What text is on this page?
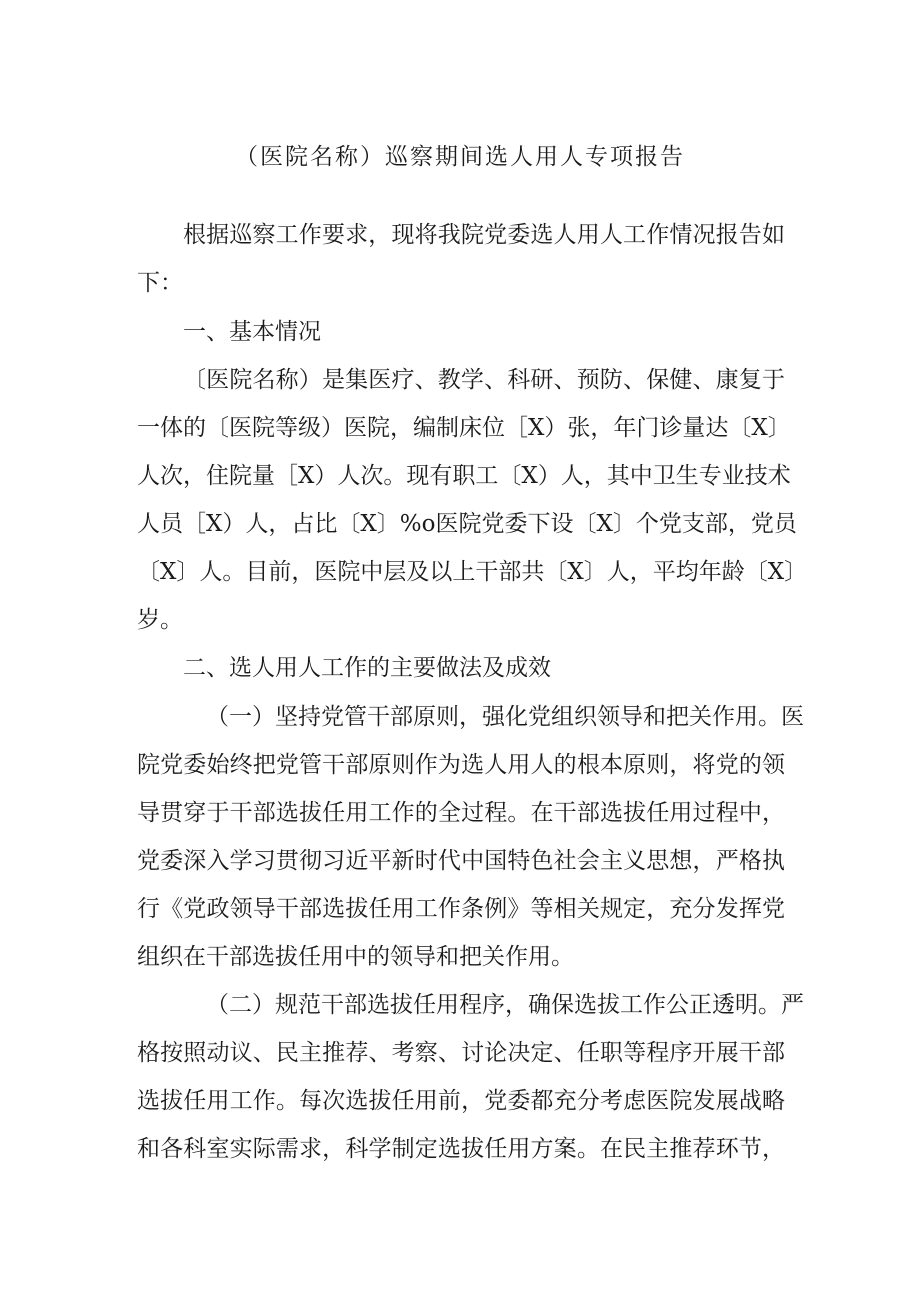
（医院名称）巡察期间选人用人专项报告
根据巡察工作要求，现将我院党委选人用人工作情况报告如
下：
一、基本情况
〔医院名称）是集医疗、教学、科研、预防、保健、康复于
一体的〔医院等级）医院，编制床位［X）张，年门诊量达〔X〕
人次，住院量［X）人次。现有职工〔X）人，其中卫生专业技术
人员［X）人，占比〔X〕%o医院党委下设〔X〕个党支部，党员
〔X〕人。目前，医院中层及以上干部共〔X〕人，平均年龄〔X〕
岁。
二、选人用人工作的主要做法及成效
（一）坚持党管干部原则，强化党组织领导和把关作用。医
院党委始终把党管干部原则作为选人用人的根本原则，将党的领
导贯穿于干部选拔任用工作的全过程。在干部选拔任用过程中，
党委深入学习贯彻习近平新时代中国特色社会主义思想，严格执
行《党政领导干部选拔任用工作条例》等相关规定，充分发挥党
组织在干部选拔任用中的领导和把关作用。
（二）规范干部选拔任用程序，确保选拔工作公正透明。严
格按照动议、民主推荐、考察、讨论决定、任职等程序开展干部
选拔任用工作。每次选拔任用前，党委都充分考虑医院发展战略
和各科室实际需求，科学制定选拔任用方案。在民主推荐环节，
